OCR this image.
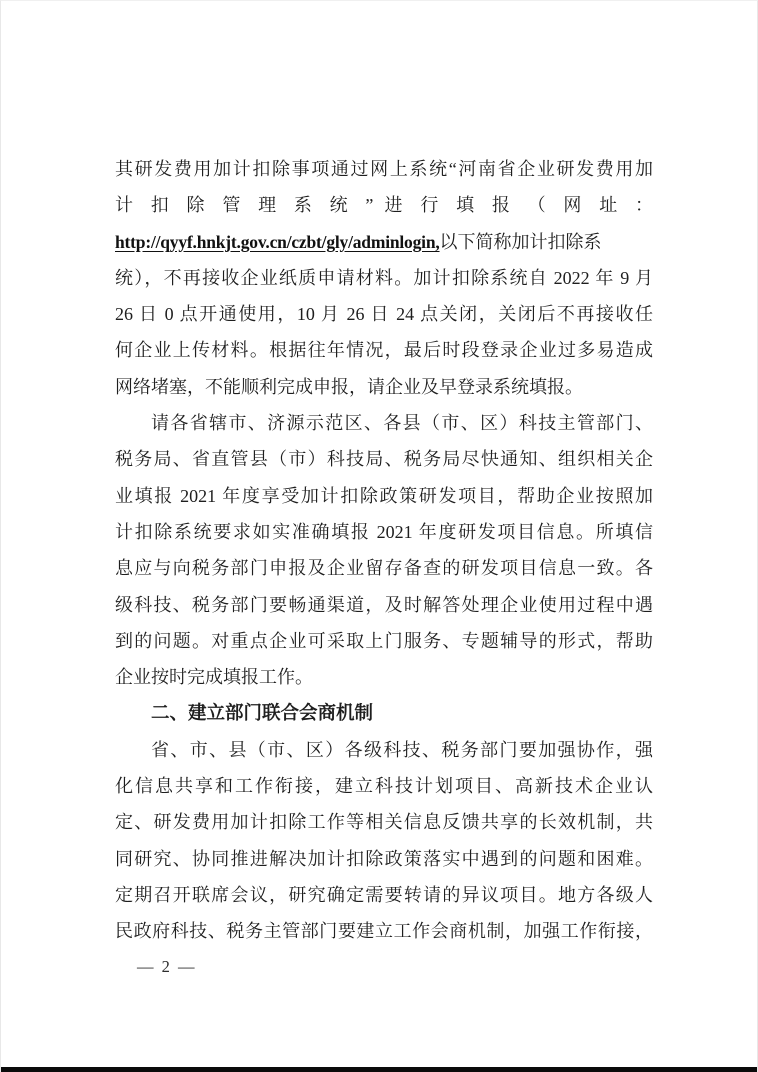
其研发费用加计扣除事项通过网上系统“河南省企业研发费用加
计 扣 除 管 理 系 统 ” 进 行 填 报 （ 网 址 ：
http://qyyf.hnkjt.gov.cn/czbt/gly/adminlogin,以下简称加计扣除系
统），不再接收企业纸质申请材料。加计扣除系统自 2022 年 9 月
26 日 0 点开通使用，10 月 26 日 24 点关闭，关闭后不再接收任
何企业上传材料。根据往年情况，最后时段登录企业过多易造成
网络堵塞，不能顺利完成申报，请企业及早登录系统填报。
请各省辖市、济源示范区、各县（市、区）科技主管部门、
税务局、省直管县（市）科技局、税务局尽快通知、组织相关企
业填报 2021 年度享受加计扣除政策研发项目，帮助企业按照加
计扣除系统要求如实准确填报 2021 年度研发项目信息。所填信
息应与向税务部门申报及企业留存备查的研发项目信息一致。各
级科技、税务部门要畅通渠道，及时解答处理企业使用过程中遇
到的问题。对重点企业可采取上门服务、专题辅导的形式，帮助
企业按时完成填报工作。
二、建立部门联合会商机制
省、市、县（市、区）各级科技、税务部门要加强协作，强
化信息共享和工作衔接，建立科技计划项目、高新技术企业认
定、研发费用加计扣除工作等相关信息反馈共享的长效机制，共
同研究、协同推进解决加计扣除政策落实中遇到的问题和困难。
定期召开联席会议，研究确定需要转请的异议项目。地方各级人
民政府科技、税务主管部门要建立工作会商机制，加强工作衔接，
— 2 —
